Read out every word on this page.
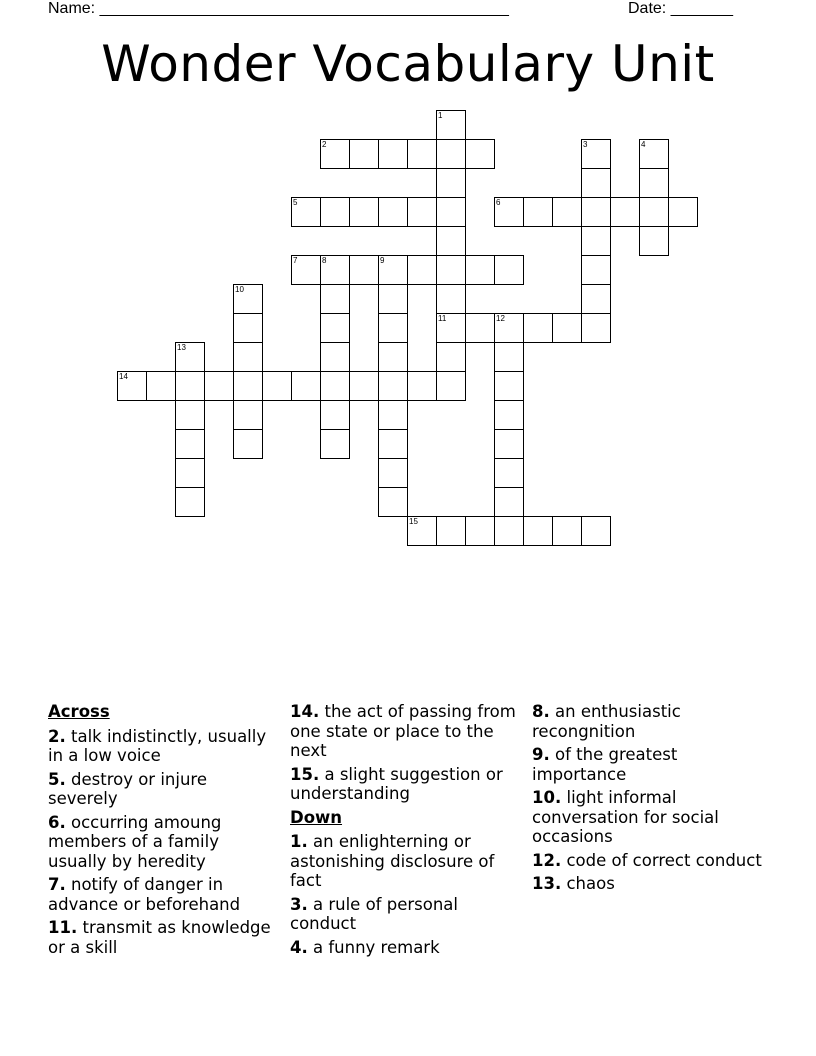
Name: ______________________________________________	Date: _______
Wonder Vocabulary Unit
1
11
2	3	4
5	6
7	8	9
10
12
13
14
15
Across
2. talk indistinctly, usually in a low voice
5. destroy or injure severely
6. occurring amoung members of a family usually by heredity
7. notify of danger in advance or beforehand
11. transmit as knowledge or a skill
14. the act of passing from one state or place to the next
15. a slight suggestion or understanding
Down
1. an enlighterning or astonishing disclosure of fact
3. a rule of personal conduct
4. a funny remark
8. an enthusiastic recongnition
9. of the greatest importance
10. light informal conversation for social occasions
12. code of correct conduct
13. chaos
